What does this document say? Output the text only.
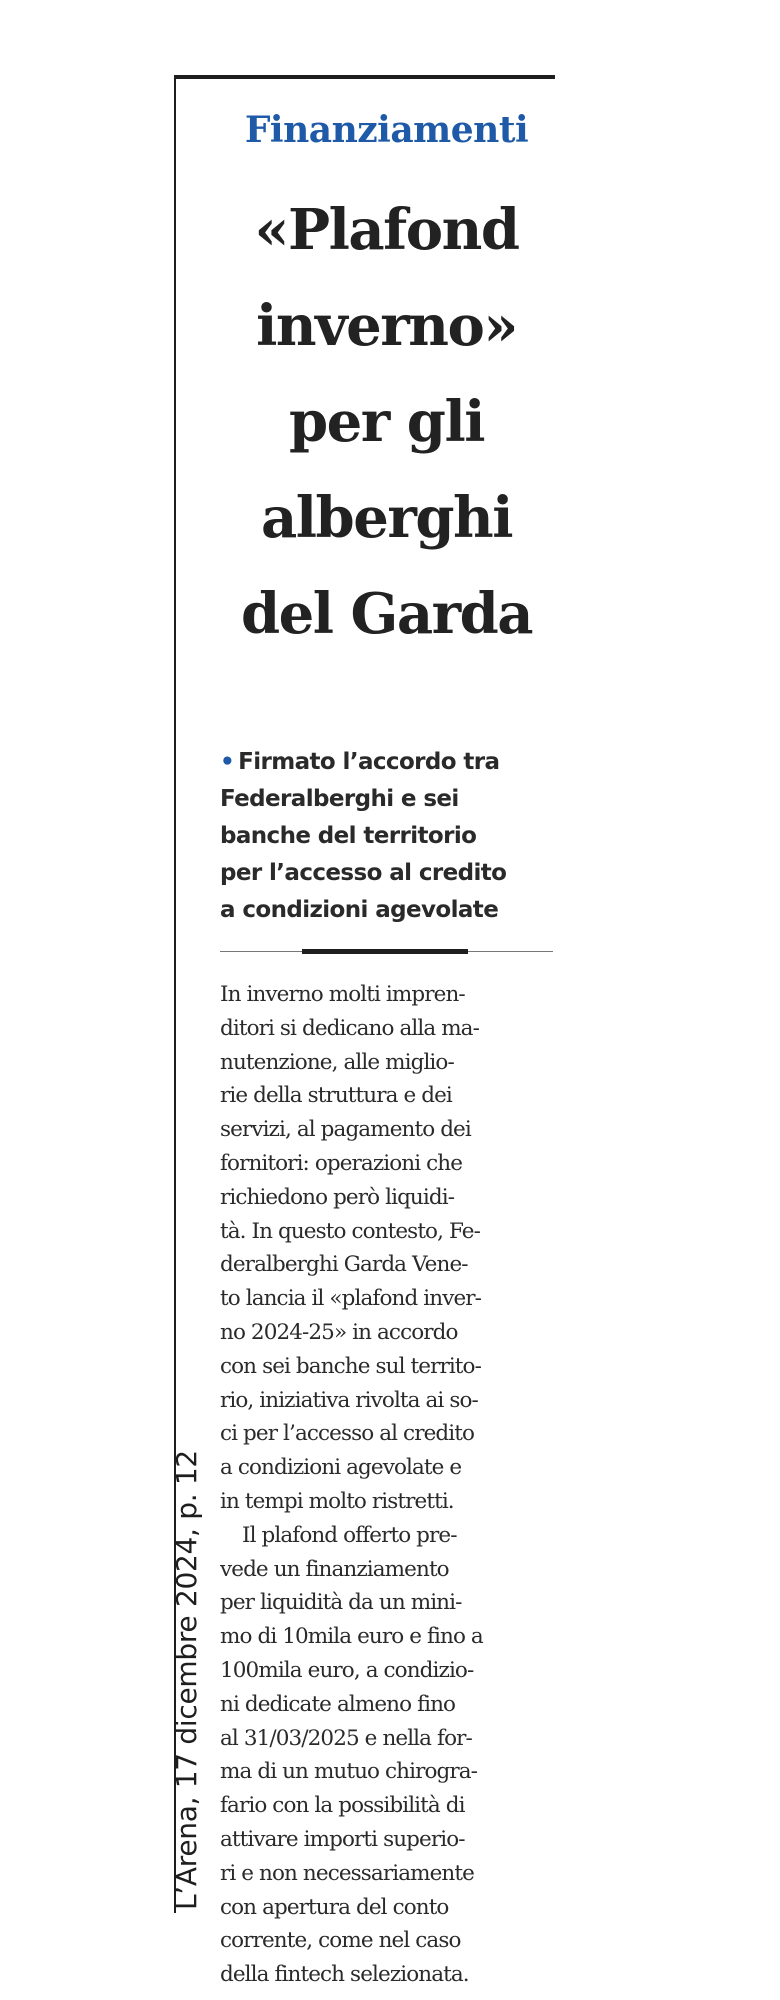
Finanziamenti

«Plafond
inverno»
per gli
alberghi
del Garda
• Firmato l’accordo tra
Federalberghi e sei
banche del territorio
per l’accesso al credito
a condizioni agevolate
In inverno molti impren-
ditori si dedicano alla ma-
nutenzione, alle miglio-
rie della struttura e dei
servizi, al pagamento dei
fornitori: operazioni che
richiedono però liquidi-
tà. In questo contesto, Fe-
deralberghi Garda Vene-
to lancia il «plafond inver-
no 2024-25» in accordo
con sei banche sul territo-
rio, iniziativa rivolta ai so-
ci per l’accesso al credito
a condizioni agevolate e
in tempi molto ristretti.
Il plafond offerto pre-
vede un finanziamento
per liquidità da un mini-
mo di 10mila euro e fino a
100mila euro, a condizio-
ni dedicate almeno fino
al 31/03/2025 e nella for-
ma di un mutuo chirogra-
fario con la possibilità di
attivare importi superio-
ri e non necessariamente
con apertura del conto
corrente, come nel caso
della fintech selezionata.
L’Arena, 17 dicembre 2024, p. 12
